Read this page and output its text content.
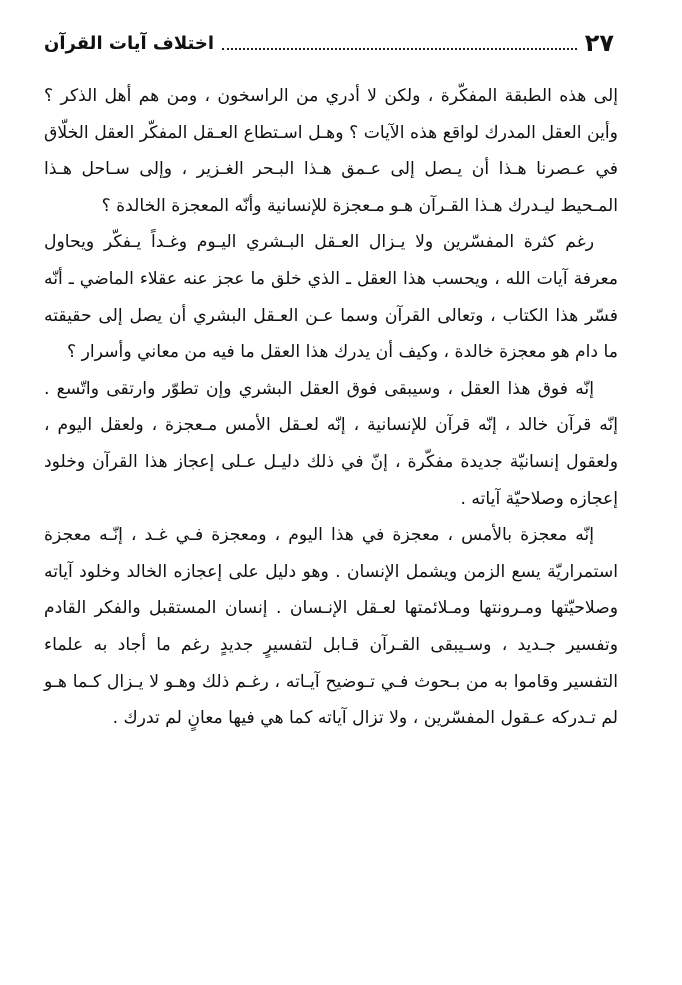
اختلاف آيات القرآن	٢٧

إلى هذه الطبقة المفكّرة ، ولكن لا أدري من الراسخون ، ومن هم أهل الذكر ؟ وأين العقل المدرك لواقع هذه الآيات ؟ وهـل اسـتطاع العـقل المفكّر العقل الخلّاق في عـصرنا هـذا أن يـصل إلى عـمق هـذا البـحر الغـزير ، وإلى سـاحل هـذا المـحيط ليـدرك هـذا القـرآن هـو مـعجزة للإنسانية وأنّه المعجزة الخالدة ؟

رغم كثرة المفسّرين ولا يـزال العـقل البـشري اليـوم وغـداً يـفكّر ويحاول معرفة آيات الله ، ويحسب هذا العقل ـ الذي خلق ما عجز عنه عقلاء الماضي ـ أنّه فسّر هذا الكتاب ، وتعالى القرآن وسما عـن العـقل البشري أن يصل إلى حقيقته ما دام هو معجزة خالدة ، وكيف أن يدرك هذا العقل ما فيه من معاني وأسرار ؟

إنّه فوق هذا العقل ، وسيبقى فوق العقل البشري وإن تطوّر وارتقى واتّسع . إنّه قرآن خالد ، إنّه قرآن للإنسانية ، إنّه لعـقل الأمس مـعجزة ، ولعقل اليوم ، ولعقول إنسانيّة جديدة مفكّرة ، إنّ في ذلك دليـل عـلى إعجاز هذا القرآن وخلود إعجازه وصلاحيّة آياته .

إنّه معجزة بالأمس ، معجزة في هذا اليوم ، ومعجزة فـي غـد ، إنّـه معجزة استمراريّة يسع الزمن ويشمل الإنسان . وهو دليل على إعجازه الخالد وخلود آياته وصلاحيّتها ومـرونتها ومـلائمتها لعـقل الإنـسان . إنسان المستقبل والفكر القادم وتفسير جـديد ، وسـيبقى القـرآن قـابل لتفسيرٍ جديدٍ رغم ما أجاد به علماء التفسير وقاموا به من بـحوث فـي تـوضيح آيـاته ، رغـم ذلك وهـو لا يـزال كـما هـو لم تـدركه عـقول المفسّرين ، ولا تزال آياته كما هي فيها معانٍ لم تدرك .
